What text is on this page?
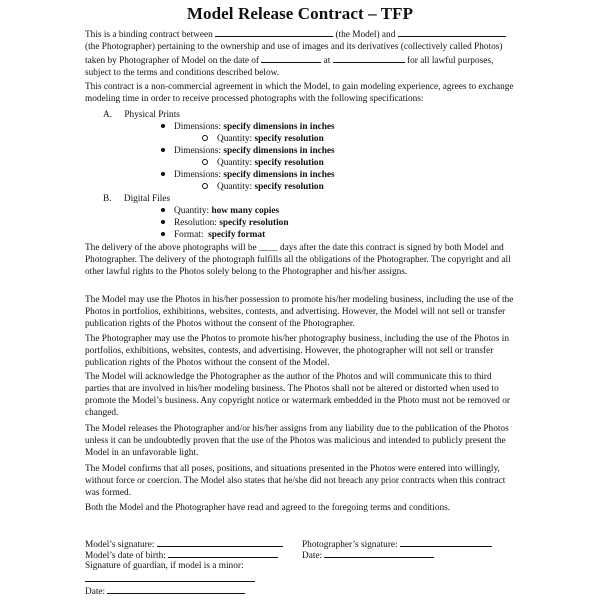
Model Release Contract – TFP

This is a binding contract between	(the Model) and  (the Photographer) pertaining to the ownership and use of images and its derivatives (collectively called Photos) taken by Photographer of Model on the date of	at	for all lawful purposes, subject to the terms and conditions described below.

This contract is a non-commercial agreement in which the Model, to gain modeling experience, agrees to exchange modeling time in order to receive processed photographs with the following specifications:

A. Physical Prints
Dimensions: specify dimensions in inches
Quantity: specify resolution
Dimensions: specify dimensions in inches
Quantity: specify resolution
Dimensions: specify dimensions in inches
Quantity: specify resolution
B. Digital Files
Quantity: how many copies
Resolution: specify resolution
Format: specify format

The delivery of the above photographs will be ____ days after the date this contract is signed by both Model and Photographer. The delivery of the photograph fulfills all the obligations of the Photographer. The copyright and all other lawful rights to the Photos solely belong to the Photographer and his/her assigns.

The Model may use the Photos in his/her possession to promote his/her modeling business, including the use of the Photos in portfolios, exhibitions, websites, contests, and advertising. However, the Model will not sell or transfer publication rights of the Photos without the consent of the Photographer.

The Photographer may use the Photos to promote his/her photography business, including the use of the Photos in portfolios, exhibitions, websites, contests, and advertising. However, the photographer will not sell or transfer publication rights of the Photos without the consent of the Model.

The Model will acknowledge the Photographer as the author of the Photos and will communicate this to third parties that are involved in his/her modeling business. The Photos shall not be altered or distorted when used to promote the Model’s business. Any copyright notice or watermark embedded in the Photo must not be removed or changed.

The Model releases the Photographer and/or his/her assigns from any liability due to the publication of the Photos unless it can be undoubtedly proven that the use of the Photos was malicious and intended to publicly present the Model in an unfavorable light.

The Model confirms that all poses, positions, and situations presented in the Photos were entered into willingly, without force or coercion. The Model also states that he/she did not breach any prior contracts when this contract was formed.

Both the Model and the Photographer have read and agreed to the foregoing terms and conditions.

Model’s signature:	Photographer’s signature:
Model’s date of birth:	Date:
Signature of guardian, if model is a minor:

Date:
